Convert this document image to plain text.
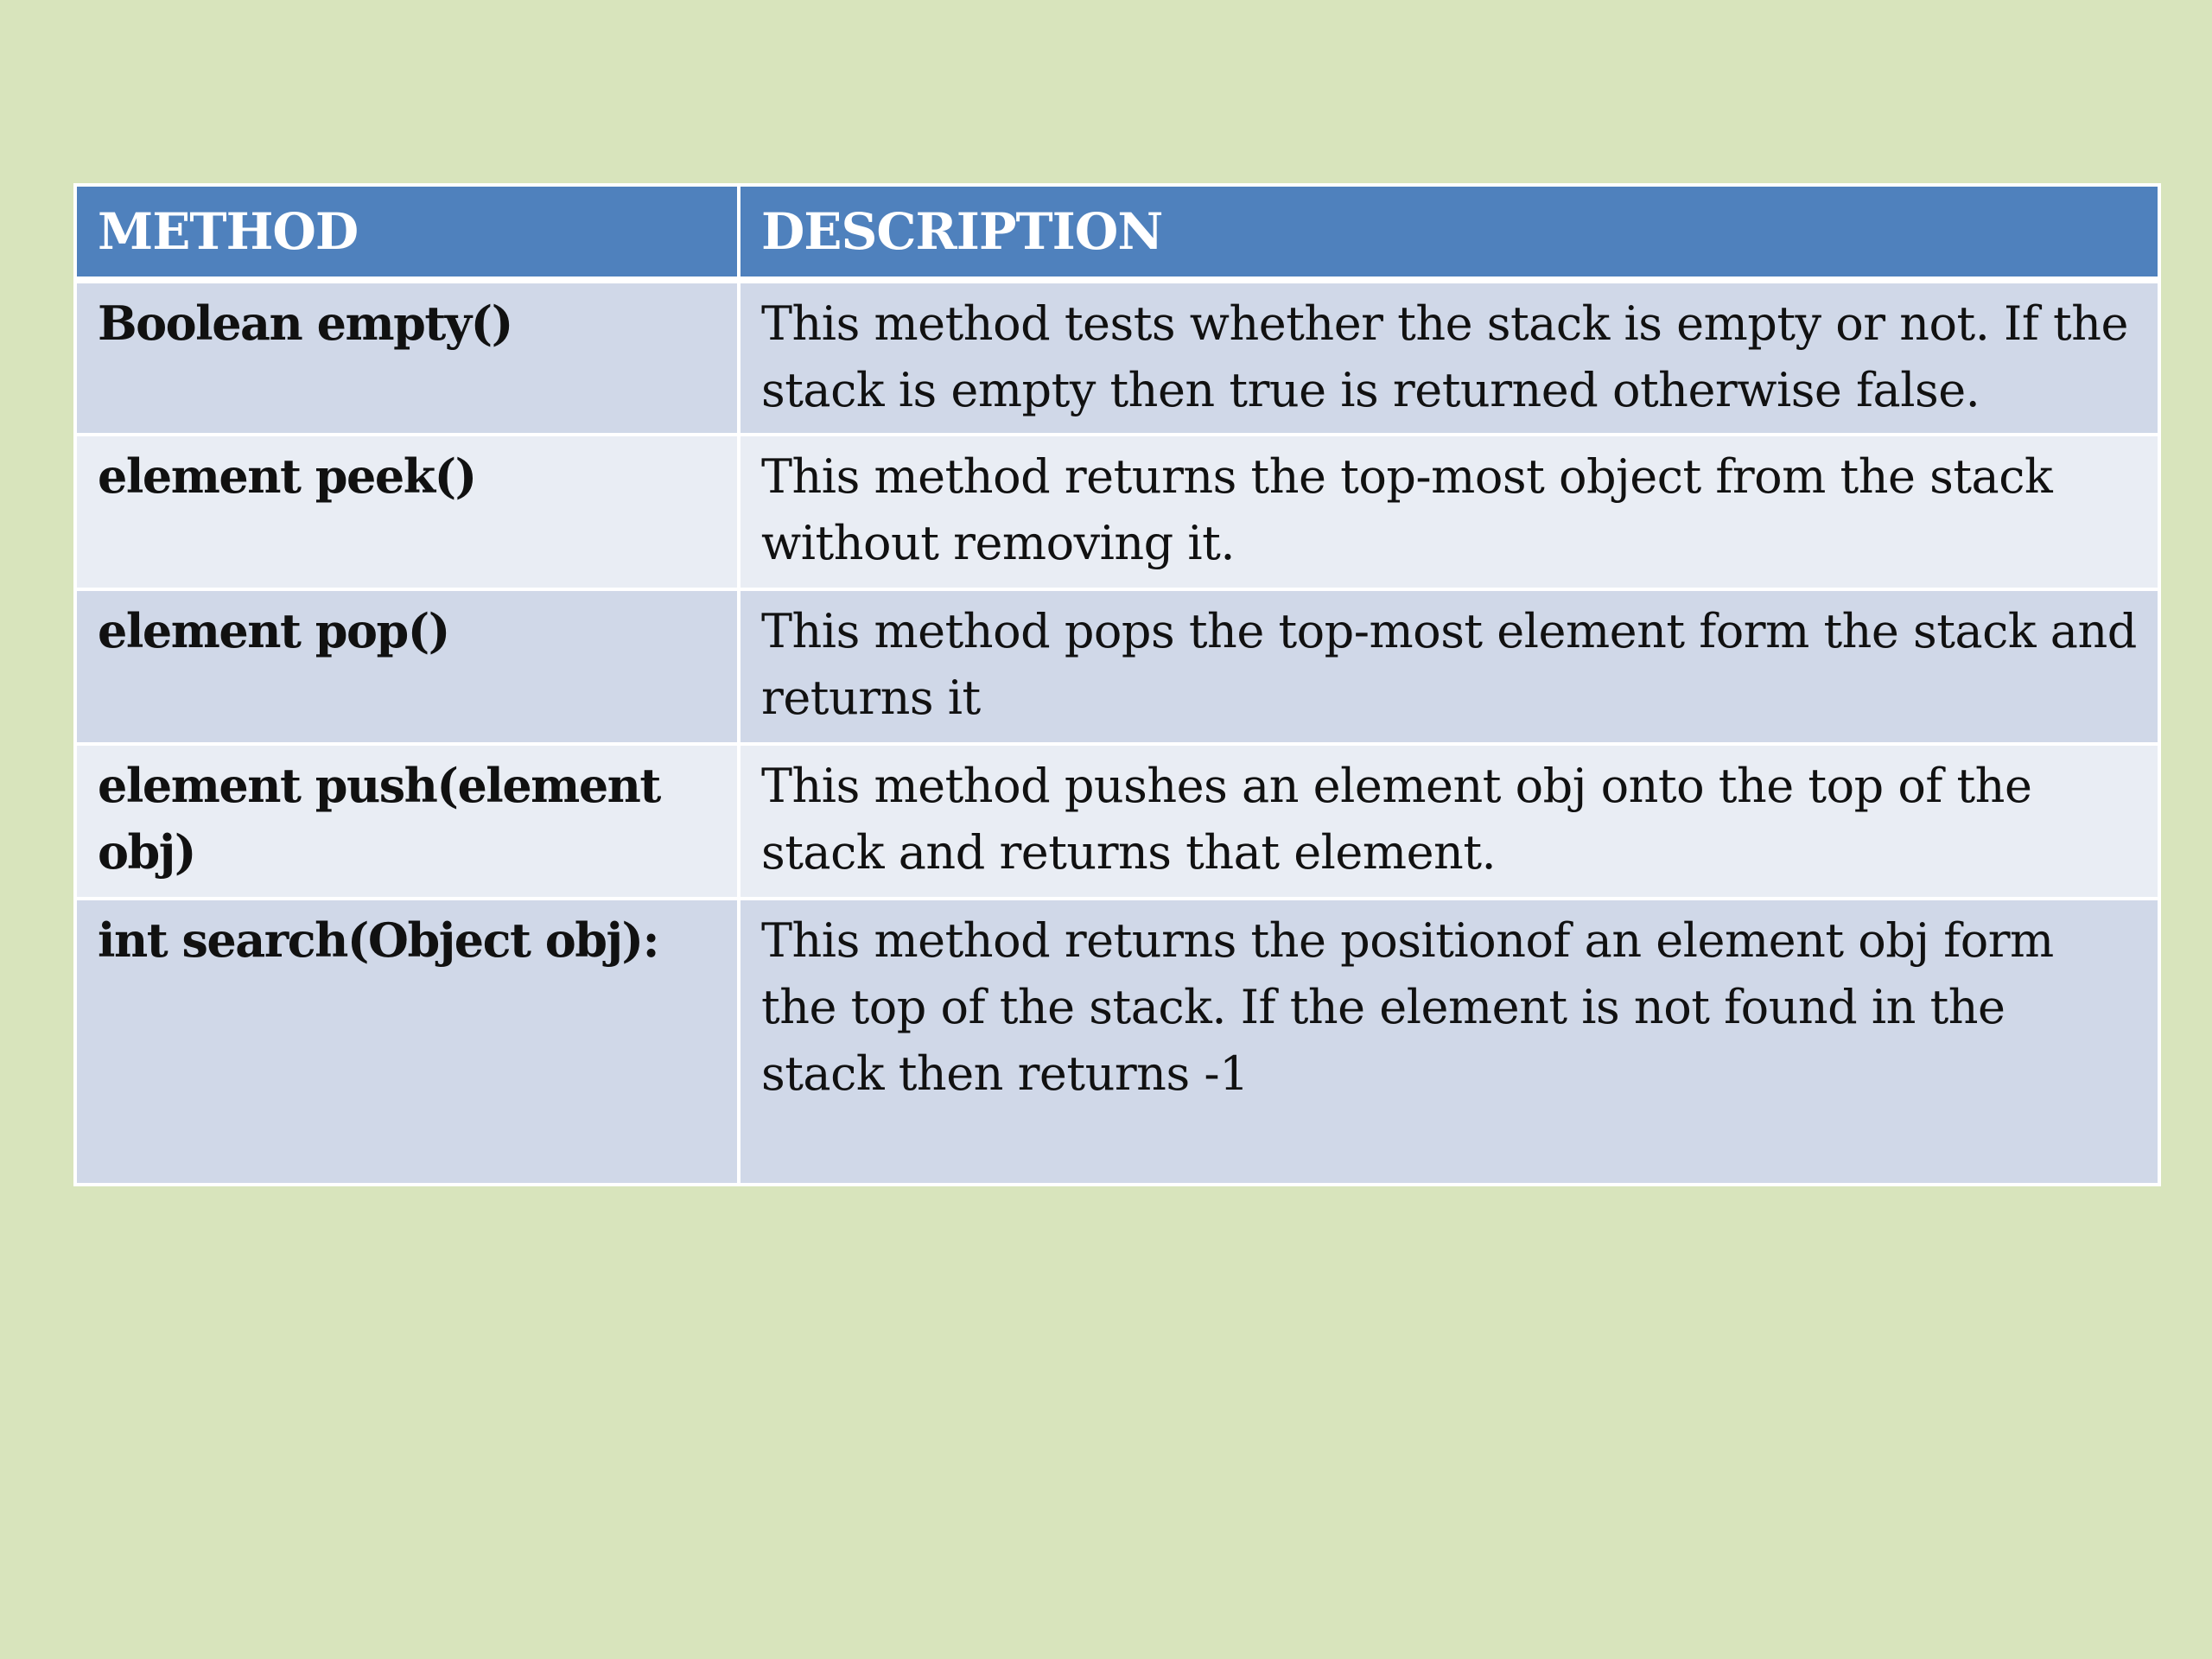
METHOD	DESCRIPTION
Boolean empty()	This method tests whether the stack is empty or not. If the stack is empty then true is returned otherwise false.
element peek()	This method returns the top-most object from the stack without removing it.
element pop()	This method pops the top-most element form the stack and returns it
element push(element obj)	This method pushes an element obj onto the top of the stack and returns that element.
int search(Object obj):	This method returns the positionof an element obj form the top of the stack. If the element is not found in the stack then returns -1
